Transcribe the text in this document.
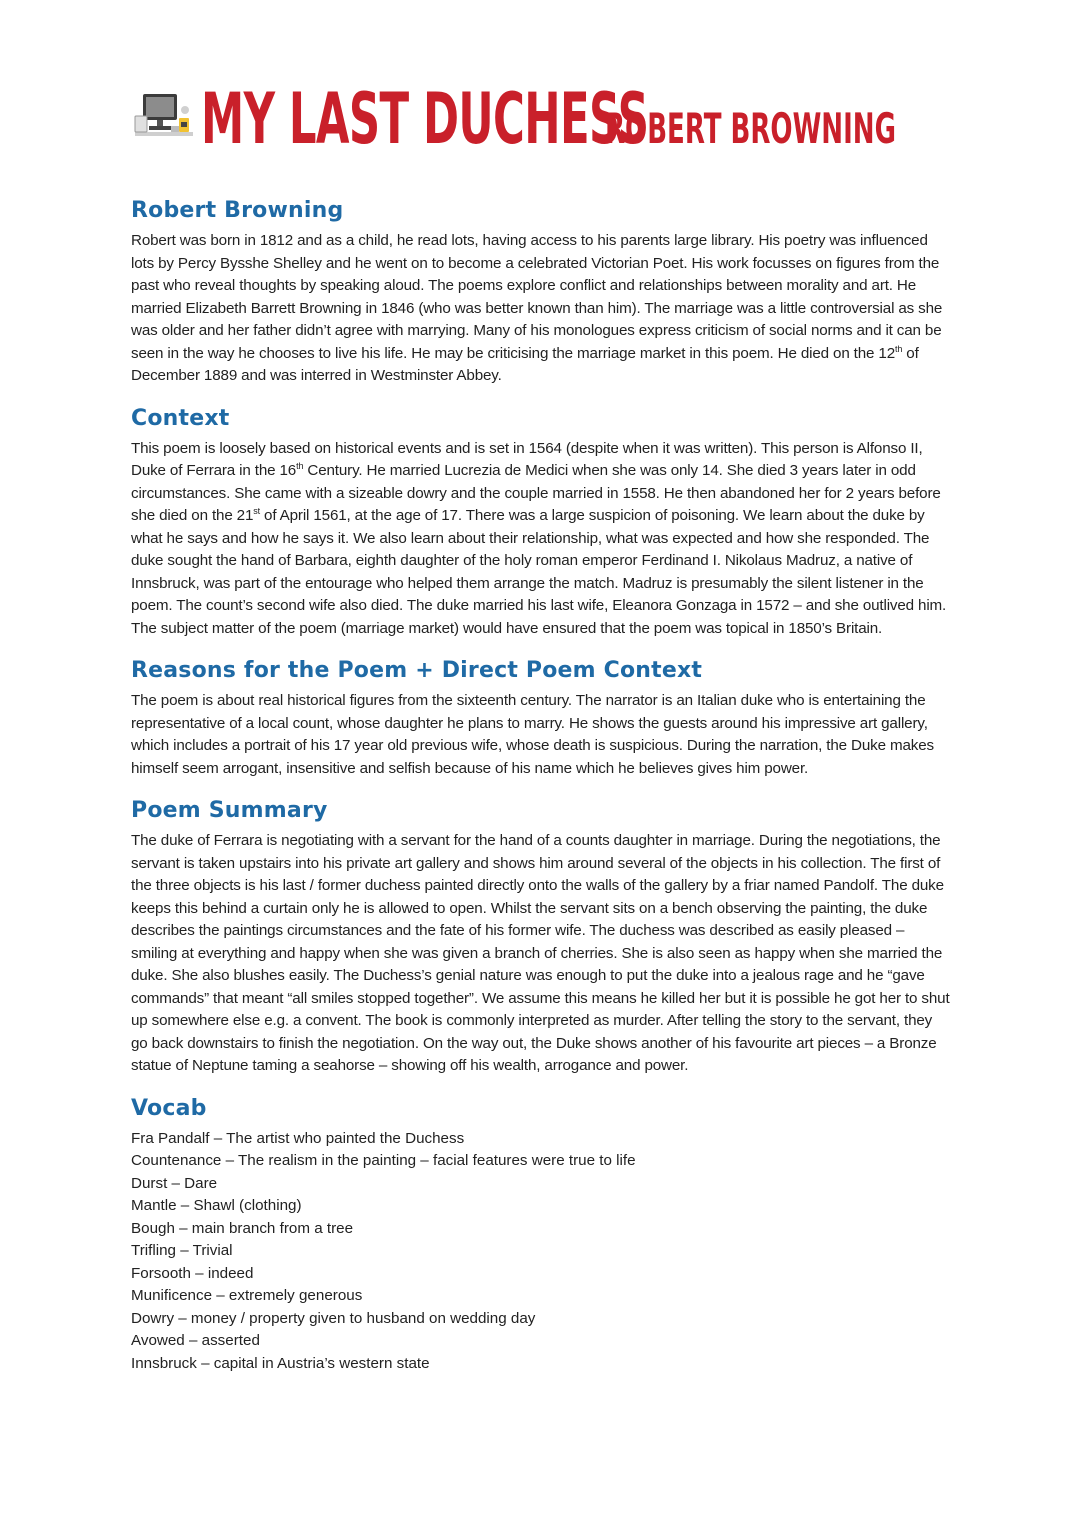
MY LAST DUCHESS
ROBERT BROWNING
Robert Browning

Robert was born in 1812 and as a child, he read lots, having access to his parents large library. His poetry was influenced lots by Percy Bysshe Shelley and he went on to become a celebrated Victorian Poet. His work focusses on figures from the past who reveal thoughts by speaking aloud. The poems explore conflict and relationships between morality and art. He married Elizabeth Barrett Browning in 1846 (who was better known than him). The marriage was a little controversial as she was older and her father didn’t agree with marrying. Many of his monologues express criticism of social norms and it can be seen in the way he chooses to live his life. He may be criticising the marriage market in this poem. He died on the 12th of December 1889 and was interred in Westminster Abbey.

Context

This poem is loosely based on historical events and is set in 1564 (despite when it was written). This person is Alfonso II, Duke of Ferrara in the 16th Century. He married Lucrezia de Medici when she was only 14. She died 3 years later in odd circumstances. She came with a sizeable dowry and the couple married in 1558. He then abandoned her for 2 years before she died on the 21st of April 1561, at the age of 17. There was a large suspicion of poisoning. We learn about the duke by what he says and how he says it. We also learn about their relationship, what was expected and how she responded. The duke sought the hand of Barbara, eighth daughter of the holy roman emperor Ferdinand I. Nikolaus Madruz, a native of Innsbruck, was part of the entourage who helped them arrange the match. Madruz is presumably the silent listener in the poem. The count’s second wife also died. The duke married his last wife, Eleanora Gonzaga in 1572 – and she outlived him. The subject matter of the poem (marriage market) would have ensured that the poem was topical in 1850’s Britain.

Reasons for the Poem + Direct Poem Context

The poem is about real historical figures from the sixteenth century. The narrator is an Italian duke who is entertaining the representative of a local count, whose daughter he plans to marry. He shows the guests around his impressive art gallery, which includes a portrait of his 17 year old previous wife, whose death is suspicious. During the narration, the Duke makes himself seem arrogant, insensitive and selfish because of his name which he believes gives him power.

Poem Summary

The duke of Ferrara is negotiating with a servant for the hand of a counts daughter in marriage. During the negotiations, the servant is taken upstairs into his private art gallery and shows him around several of the objects in his collection. The first of the three objects is his last / former duchess painted directly onto the walls of the gallery by a friar named Pandolf. The duke keeps this behind a curtain only he is allowed to open. Whilst the servant sits on a bench observing the painting, the duke describes the paintings circumstances and the fate of his former wife. The duchess was described as easily pleased – smiling at everything and happy when she was given a branch of cherries. She is also seen as happy when she married the duke. She also blushes easily. The Duchess’s genial nature was enough to put the duke into a jealous rage and he “gave commands” that meant “all smiles stopped together”. We assume this means he killed her but it is possible he got her to shut up somewhere else e.g. a convent. The book is commonly interpreted as murder. After telling the story to the servant, they go back downstairs to finish the negotiation. On the way out, the Duke shows another of his favourite art pieces – a Bronze statue of Neptune taming a seahorse – showing off his wealth, arrogance and power.

Vocab
Fra Pandalf – The artist who painted the Duchess
Countenance – The realism in the painting – facial features were true to life
Durst – Dare
Mantle – Shawl (clothing)
Bough – main branch from a tree
Trifling – Trivial
Forsooth – indeed
Munificence – extremely generous
Dowry – money / property given to husband on wedding day
Avowed – asserted
Innsbruck – capital in Austria’s western state
